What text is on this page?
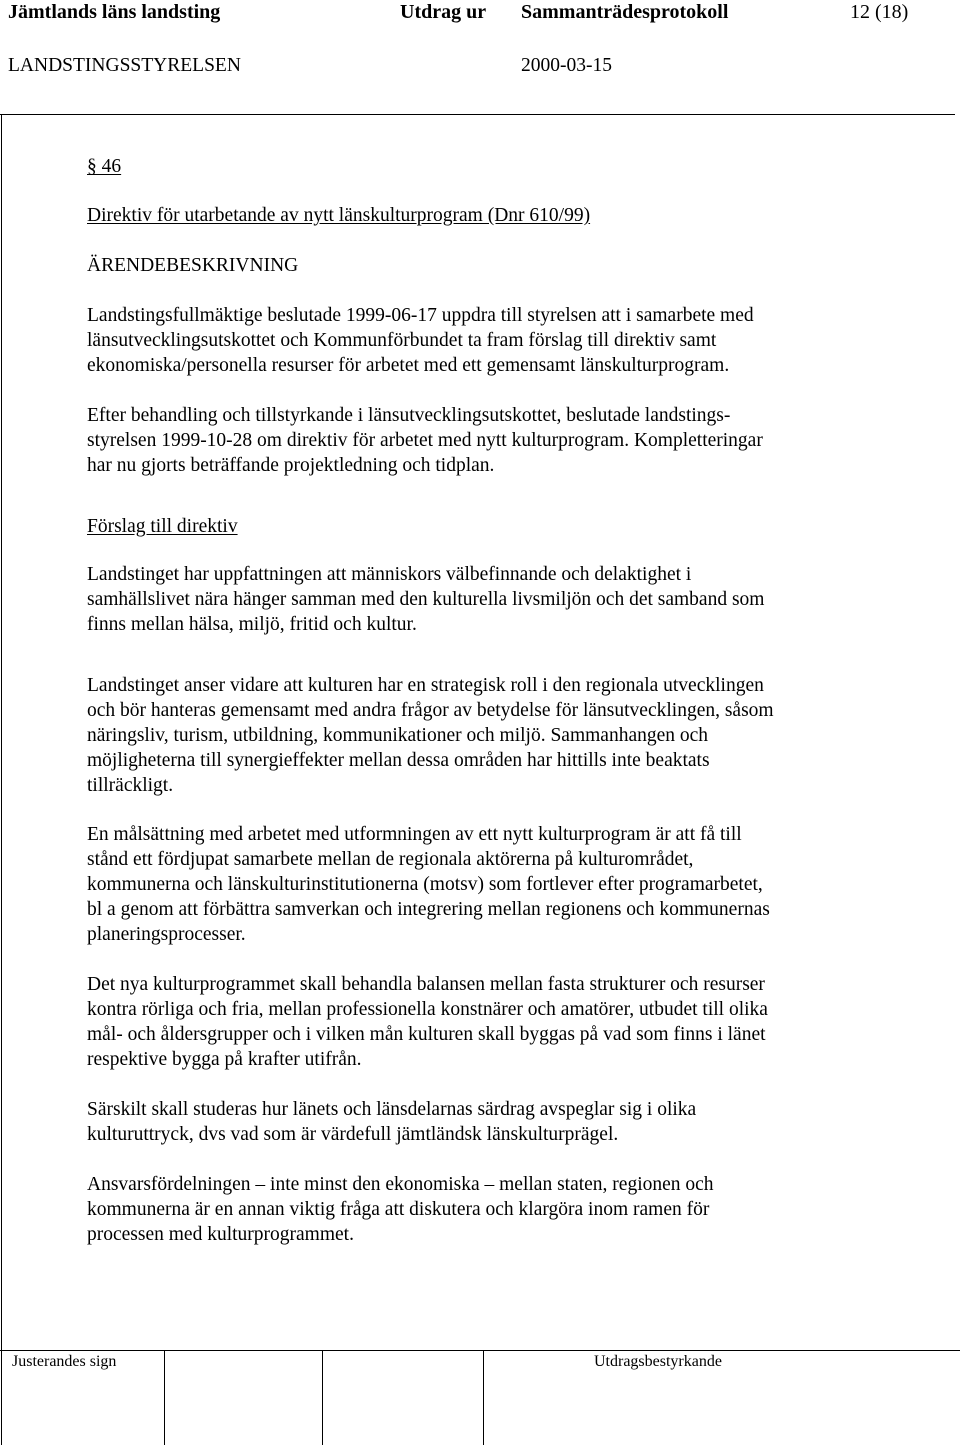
Jämtlands läns landsting	Utdrag ur Sammanträdesprotokoll	12 (18)
LANDSTINGSSTYRELSEN	2000-03-15
§ 46
Direktiv för utarbetande av nytt länskulturprogram (Dnr 610/99)
ÄRENDEBESKRIVNING
Landstingsfullmäktige beslutade 1999-06-17 uppdra till styrelsen att i samarbete med
länsutvecklingsutskottet och Kommunförbundet ta fram förslag till direktiv samt
ekonomiska/personella resurser för arbetet med ett gemensamt länskulturprogram.
Efter behandling och tillstyrkande i länsutvecklingsutskottet, beslutade landstings-
styrelsen 1999-10-28 om direktiv för arbetet med nytt kulturprogram. Kompletteringar
har nu gjorts beträffande projektledning och tidplan.
Förslag till direktiv
Landstinget har uppfattningen att människors välbefinnande och delaktighet i
samhällslivet nära hänger samman med den kulturella livsmiljön och det samband som
finns mellan hälsa, miljö, fritid och kultur.
Landstinget anser vidare att kulturen har en strategisk roll i den regionala utvecklingen
och bör hanteras gemensamt med andra frågor av betydelse för länsutvecklingen, såsom
näringsliv, turism, utbildning, kommunikationer och miljö. Sammanhangen och
möjligheterna till synergieffekter mellan dessa områden har hittills inte beaktats
tillräckligt.
En målsättning med arbetet med utformningen av ett nytt kulturprogram är att få till
stånd ett fördjupat samarbete mellan de regionala aktörerna på kulturområdet,
kommunerna och länskulturinstitutionerna (motsv) som fortlever efter programarbetet,
bl a genom att förbättra samverkan och integrering mellan regionens och kommunernas
planeringsprocesser.
Det nya kulturprogrammet skall behandla balansen mellan fasta strukturer och resurser
kontra rörliga och fria, mellan professionella konstnärer och amatörer, utbudet till olika
mål- och åldersgrupper och i vilken mån kulturen skall byggas på vad som finns i länet
respektive bygga på krafter utifrån.
Särskilt skall studeras hur länets och länsdelarnas särdrag avspeglar sig i olika
kulturuttryck, dvs vad som är värdefull jämtländsk länskulturprägel.
Ansvarsfördelningen – inte minst den ekonomiska – mellan staten, regionen och
kommunerna är en annan viktig fråga att diskutera och klargöra inom ramen för
processen med kulturprogrammet.
Justerandes sign	Utdragsbestyrkande
